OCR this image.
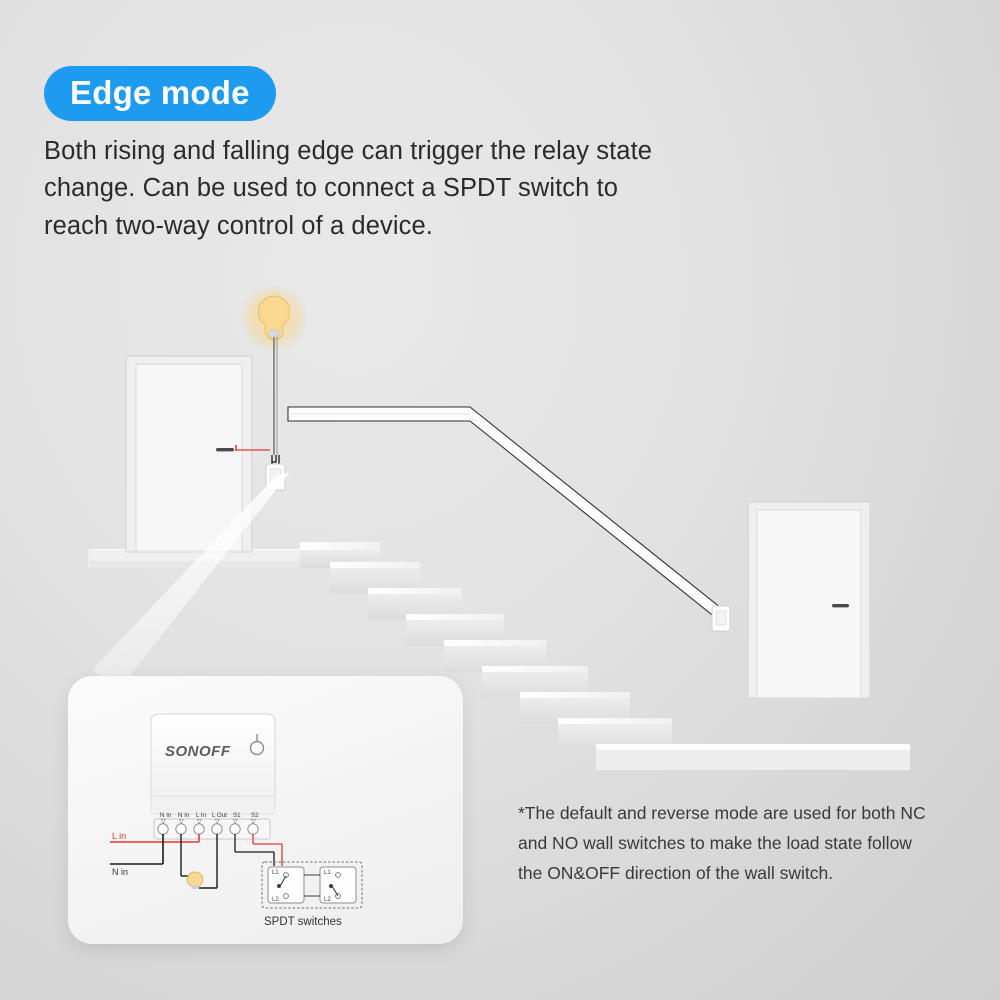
Edge mode
Both rising and falling edge can trigger the relay state change. Can be used to connect a SPDT switch to reach two-way control of a device.
*The default and reverse mode are used for both NC and NO wall switches to make the load state follow the ON&OFF direction of the wall switch.
SONOFF
N In N In L In L Out S1 S2
▽ ▽ ▽ ▽ ▽ ▽
L in
N in	L1
L2
L1
L2
SPDT switches
